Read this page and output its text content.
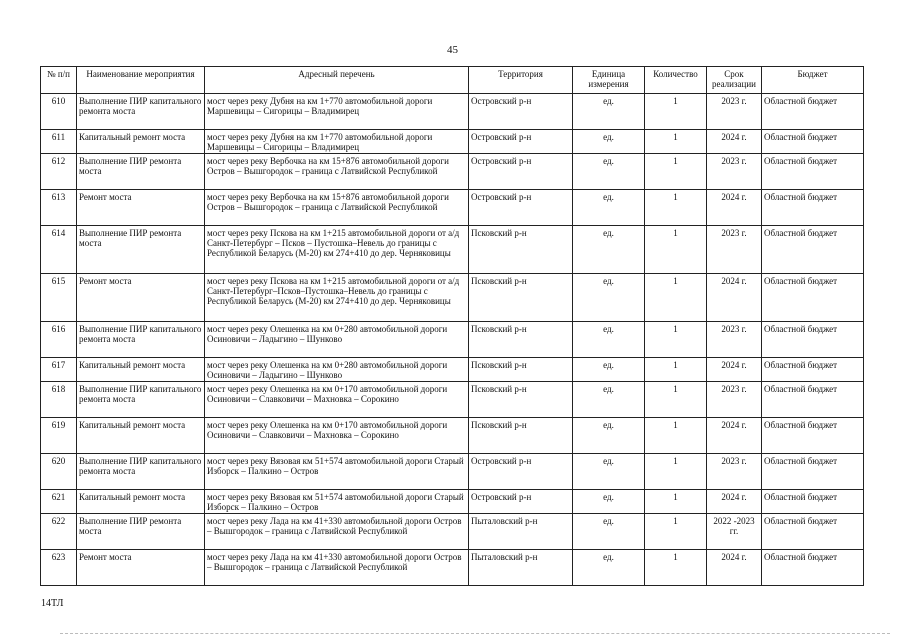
45
№ п/п	Наименование мероприятия	Адресный перечень	Территория	Единица измерения	Количество	Срок реализации	Бюджет
610	Выполнение ПИР капитального ремонта моста	мост через реку Дубня на км 1+770 автомобильной дороги Маршевицы – Сигорицы – Владимирец	Островский р-н	ед.	1	2023 г.	Областной бюджет
611	Капитальный ремонт моста	мост через реку Дубня на км 1+770 автомобильной дороги Маршевицы – Сигорицы – Владимирец	Островский р-н	ед.	1	2024 г.	Областной бюджет
612	Выполнение ПИР ремонта моста	мост через реку Вербочка на км 15+876 автомобильной дороги Остров – Вышгородок – граница с Латвийской Республикой	Островский р-н	ед.	1	2023 г.	Областной бюджет
613	Ремонт моста	мост через реку Вербочка на км 15+876 автомобильной дороги Остров – Вышгородок – граница с Латвийской Республикой	Островский р-н	ед.	1	2024 г.	Областной бюджет
614	Выполнение ПИР ремонта моста	мост через реку Пскова на км 1+215 автомобильной дороги от а/д Санкт-Петербург – Псков – Пустошка–Невель до границы с Республикой Беларусь (М-20) км 274+410 до дер. Черняковицы	Псковский р-н	ед.	1	2023 г.	Областной бюджет
615	Ремонт моста	мост через реку Пскова на км 1+215 автомобильной дороги от а/д Санкт-Петербург–Псков–Пустошка–Невель до границы с Республикой Беларусь (М-20) км 274+410 до дер. Черняковицы	Псковский р-н	ед.	1	2024 г.	Областной бюджет
616	Выполнение ПИР капитального ремонта моста	мост через реку Олешенка на км 0+280 автомобильной дороги Осиновичи – Ладыгино – Шунково	Псковский р-н	ед.	1	2023 г.	Областной бюджет
617	Капитальный ремонт моста	мост через реку Олешенка на км 0+280 автомобильной дороги Осиновичи – Ладыгино – Шунково	Псковский р-н	ед.	1	2024 г.	Областной бюджет
618	Выполнение ПИР капитального ремонта моста	мост через реку Олешенка на км 0+170 автомобильной дороги Осиновичи – Славковичи – Махновка – Сорокино	Псковский р-н	ед.	1	2023 г.	Областной бюджет
619	Капитальный ремонт моста	мост через реку Олешенка на км 0+170 автомобильной дороги Осиновичи – Славковичи – Махновка – Сорокино	Псковский р-н	ед.	1	2024 г.	Областной бюджет
620	Выполнение ПИР капитального ремонта моста	мост через реку Вязовая км 51+574 автомобильной дороги Старый Изборск – Палкино – Остров	Островский р-н	ед.	1	2023 г.	Областной бюджет
621	Капитальный ремонт моста	мост через реку Вязовая км 51+574 автомобильной дороги Старый Изборск – Палкино – Остров	Островский р-н	ед.	1	2024 г.	Областной бюджет
622	Выполнение ПИР ремонта моста	мост через реку Лада на км 41+330 автомобильной дороги Остров – Вышгородок – граница с Латвийской Республикой	Пыталовский р-н	ед.	1	2022 -2023 гг.	Областной бюджет
623	Ремонт моста	мост через реку Лада на км 41+330 автомобильной дороги Остров – Вышгородок – граница с Латвийской Республикой	Пыталовский р-н	ед.	1	2024 г.	Областной бюджет
14ТЛ
